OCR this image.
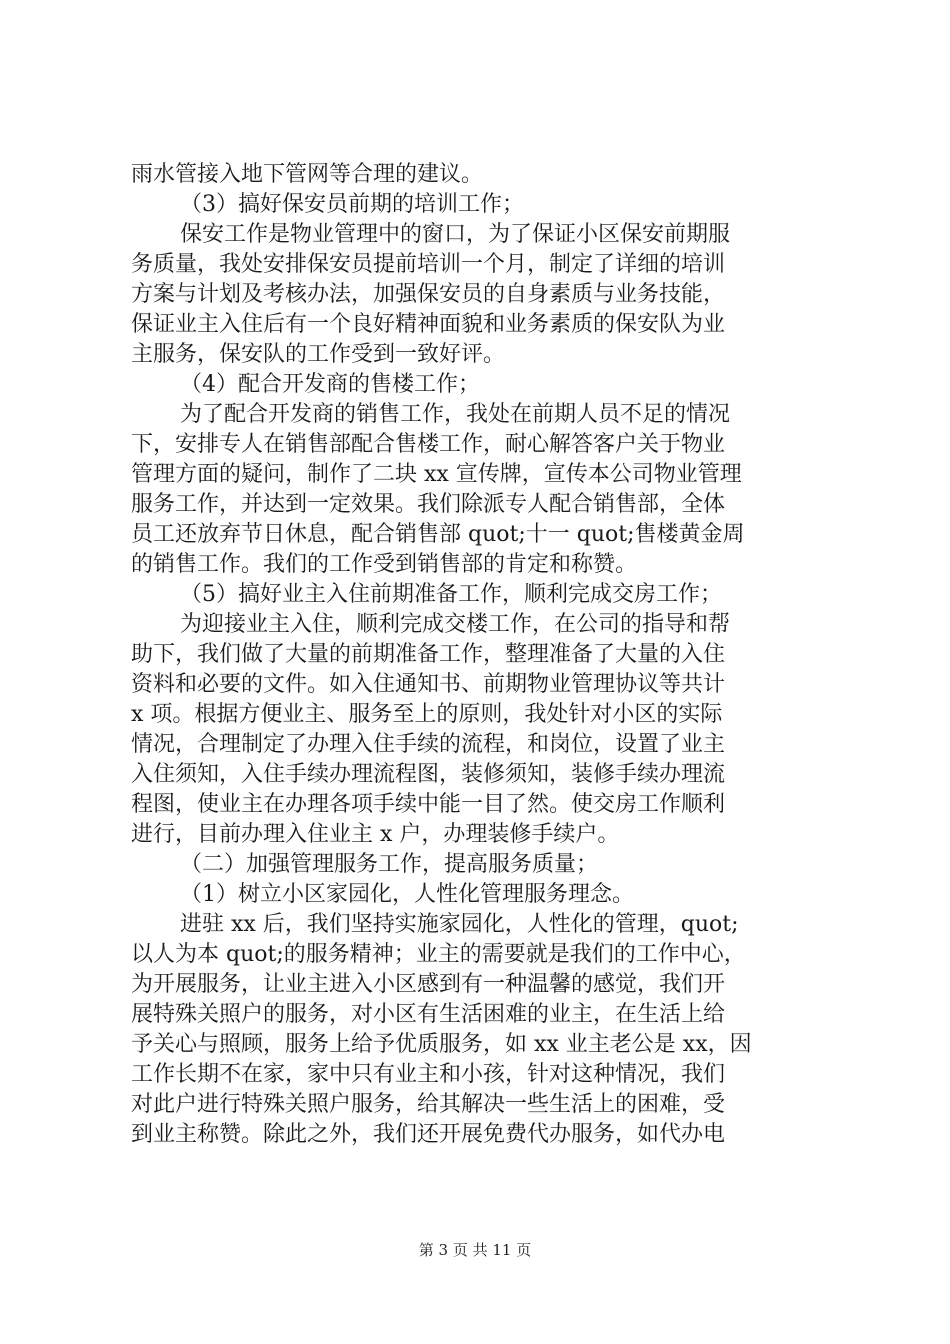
雨水管接入地下管网等合理的建议。
（3）搞好保安员前期的培训工作；
保安工作是物业管理中的窗口，为了保证小区保安前期服
务质量，我处安排保安员提前培训一个月，制定了详细的培训
方案与计划及考核办法，加强保安员的自身素质与业务技能，
保证业主入住后有一个良好精神面貌和业务素质的保安队为业
主服务，保安队的工作受到一致好评。
（4）配合开发商的售楼工作；
为了配合开发商的销售工作，我处在前期人员不足的情况
下，安排专人在销售部配合售楼工作，耐心解答客户关于物业
管理方面的疑问，制作了二块 xx 宣传牌，宣传本公司物业管理
服务工作，并达到一定效果。我们除派专人配合销售部，全体
员工还放弃节日休息，配合销售部 quot;十一 quot;售楼黄金周
的销售工作。我们的工作受到销售部的肯定和称赞。
（5）搞好业主入住前期准备工作，顺利完成交房工作；
为迎接业主入住，顺利完成交楼工作，在公司的指导和帮
助下，我们做了大量的前期准备工作，整理准备了大量的入住
资料和必要的文件。如入住通知书、前期物业管理协议等共计
x 项。根据方便业主、服务至上的原则，我处针对小区的实际
情况，合理制定了办理入住手续的流程，和岗位，设置了业主
入住须知，入住手续办理流程图，装修须知，装修手续办理流
程图，使业主在办理各项手续中能一目了然。使交房工作顺利
进行，目前办理入住业主 x 户，办理装修手续户。
（二）加强管理服务工作，提高服务质量；
（1）树立小区家园化，人性化管理服务理念。
进驻 xx 后，我们坚持实施家园化，人性化的管理，quot;
以人为本 quot;的服务精神；业主的需要就是我们的工作中心，
为开展服务，让业主进入小区感到有一种温馨的感觉，我们开
展特殊关照户的服务，对小区有生活困难的业主，在生活上给
予关心与照顾，服务上给予优质服务，如 xx 业主老公是 xx，因
工作长期不在家，家中只有业主和小孩，针对这种情况，我们
对此户进行特殊关照户服务，给其解决一些生活上的困难，受
到业主称赞。除此之外，我们还开展免费代办服务，如代办电
第 3 页 共 11 页
